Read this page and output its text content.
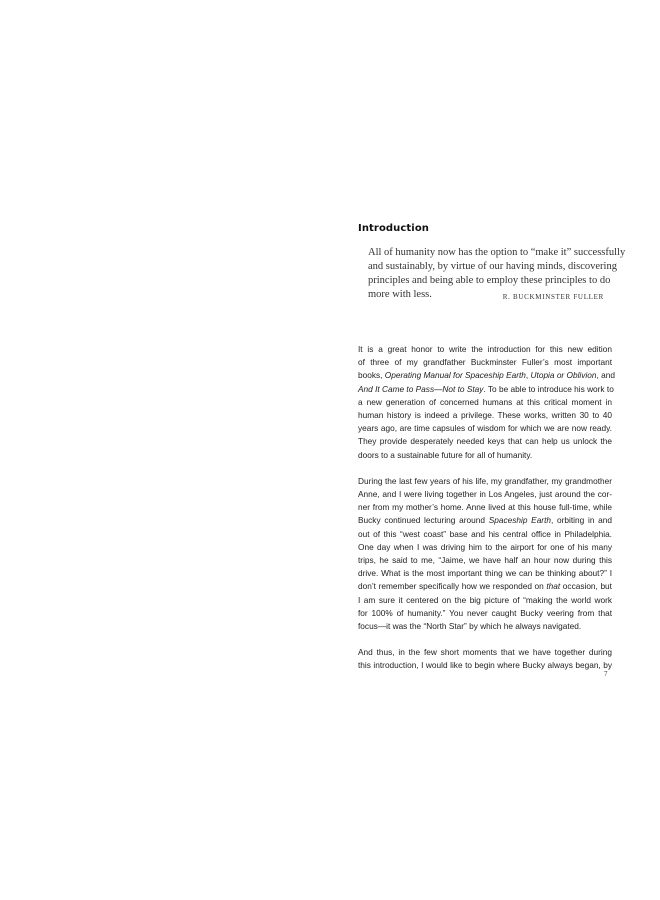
Introduction
All of humanity now has the option to “make it” successfully
and sustainably, by virtue of our having minds, discovering
principles and being able to employ these principles to do
more with less.	R. BUCKMINSTER FULLER

It is a great honor to write the introduction for this new edition
of three of my grandfather Buckminster Fuller’s most important
books, Operating Manual for Spaceship Earth, Utopia or Oblivion, and
And It Came to Pass—Not to Stay. To be able to introduce his work to
a new generation of concerned humans at this critical moment in
human history is indeed a privilege. These works, written 30 to 40
years ago, are time capsules of wisdom for which we are now ready.
They provide desperately needed keys that can help us unlock the
doors to a sustainable future for all of humanity.

During the last few years of his life, my grandfather, my grandmother
Anne, and I were living together in Los Angeles, just around the cor-
ner from my mother’s home. Anne lived at this house full-time, while
Bucky continued lecturing around Spaceship Earth, orbiting in and
out of this “west coast” base and his central office in Philadelphia.
One day when I was driving him to the airport for one of his many
trips, he said to me, “Jaime, we have half an hour now during this
drive. What is the most important thing we can be thinking about?” I
don’t remember specifically how we responded on that occasion, but
I am sure it centered on the big picture of “making the world work
for 100% of humanity.” You never caught Bucky veering from that
focus—it was the “North Star” by which he always navigated.

And thus, in the few short moments that we have together during
this introduction, I would like to begin where Bucky always began, by

7
